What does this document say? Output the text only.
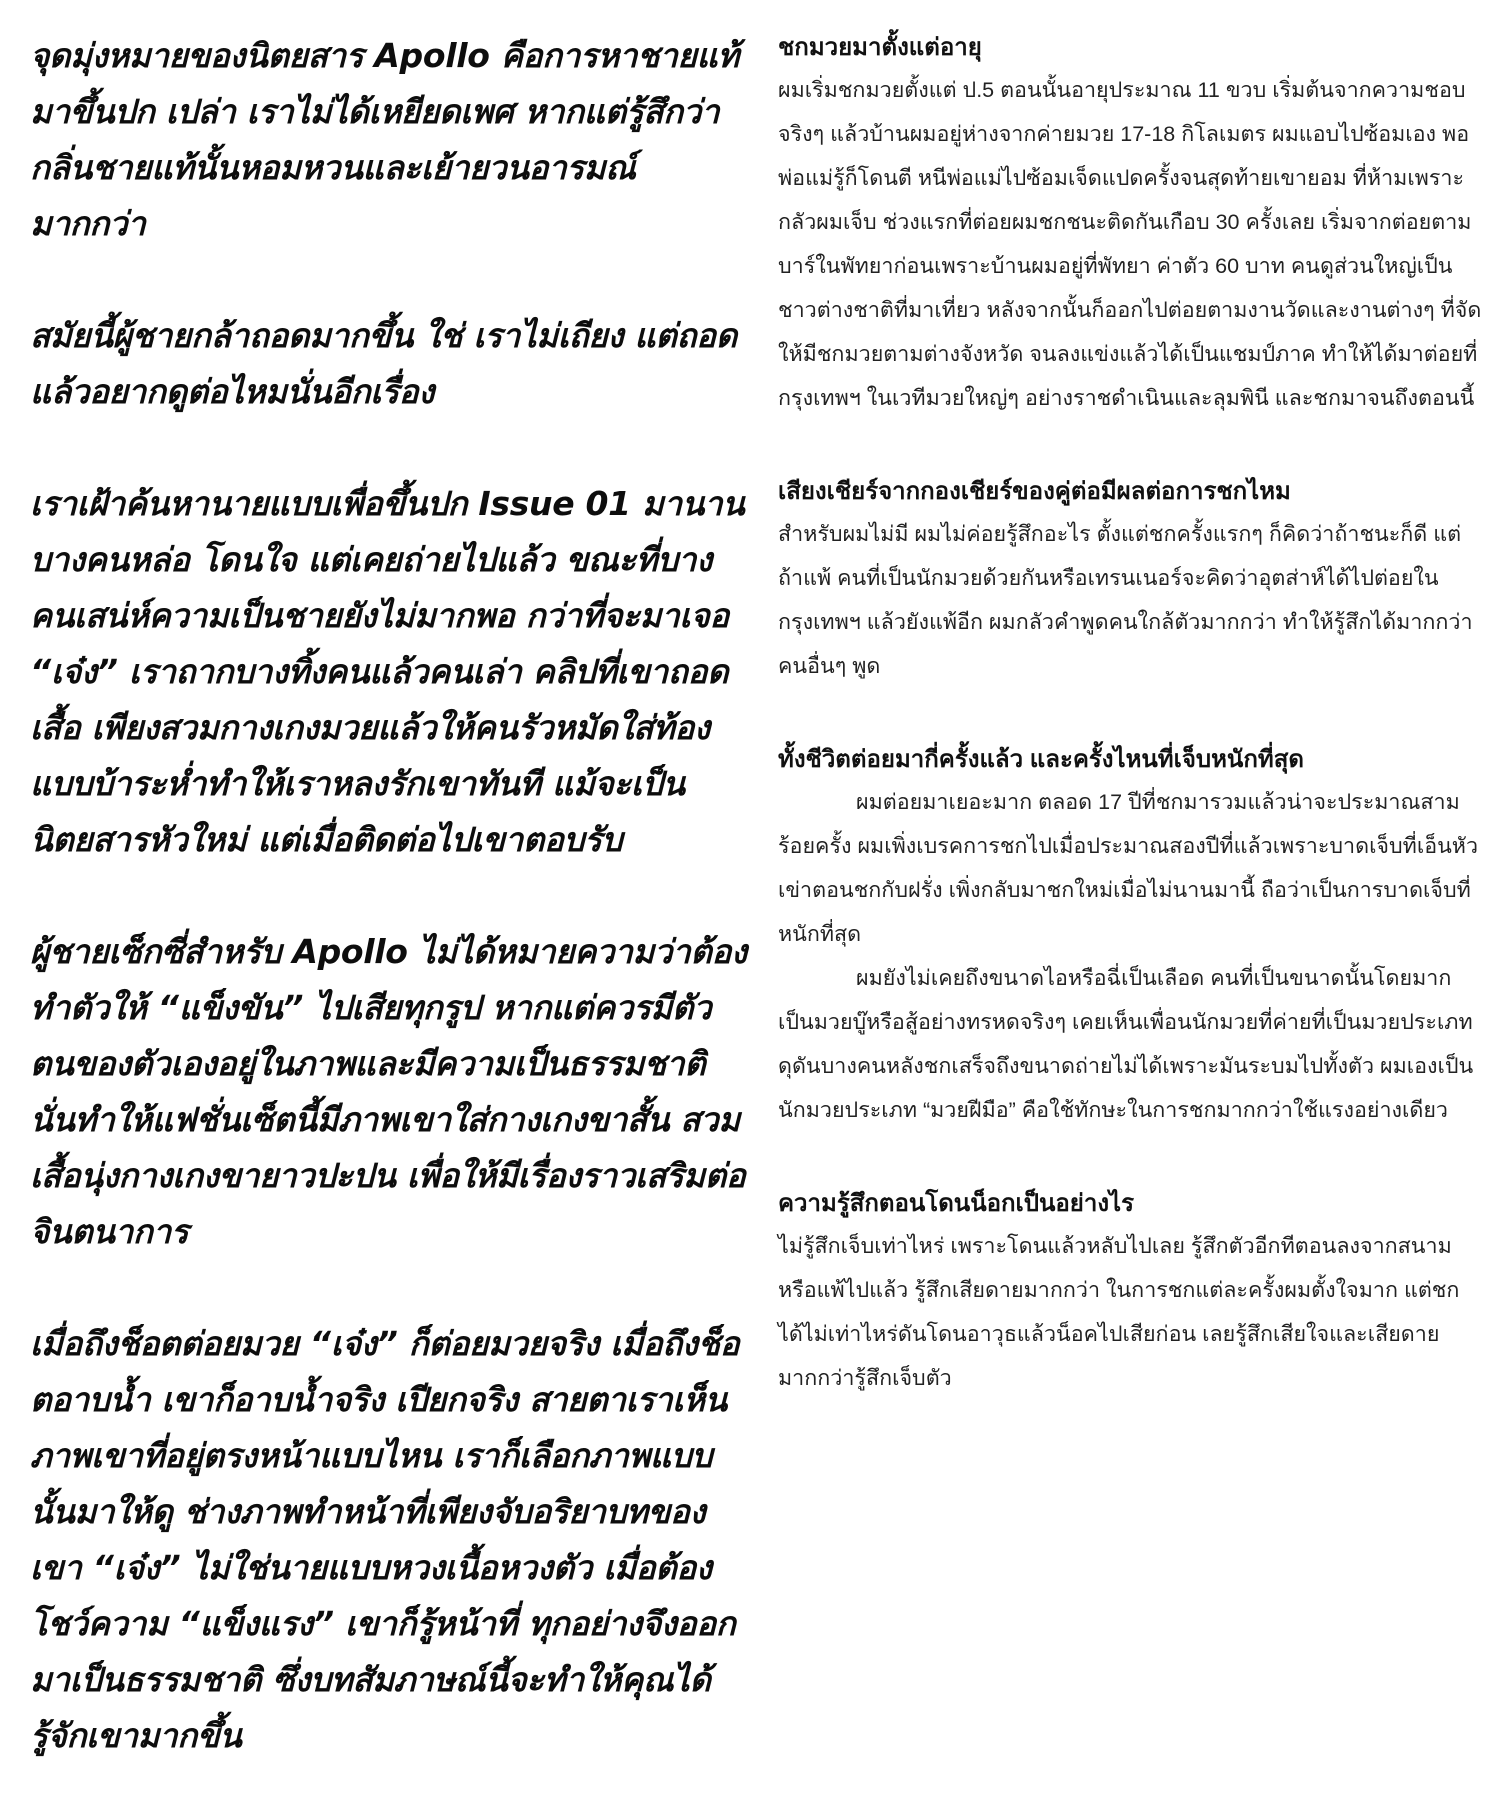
จุดมุ่งหมายของนิตยสาร Apollo คือการหาชายแท้มาขึ้นปก เปล่า เราไม่ได้เหยียดเพศ หากแต่รู้สึกว่ากลิ่นชายแท้นั้นหอมหวนและเย้ายวนอารมณ์มากกว่า

สมัยนี้ผู้ชายกล้าถอดมากขึ้น ใช่ เราไม่เถียง แต่ถอดแล้วอยากดูต่อไหมนั่นอีกเรื่อง

เราเฝ้าค้นหานายแบบเพื่อขึ้นปก Issue 01 มานาน บางคนหล่อ โดนใจ แต่เคยถ่ายไปแล้ว ขณะที่บางคนเสน่ห์ความเป็นชายยังไม่มากพอ กว่าที่จะมาเจอ “เจ๋ง” เราถากบางทิ้งคนแล้วคนเล่า คลิปที่เขาถอดเสื้อ เพียงสวมกางเกงมวยแล้วให้คนรัวหมัดใส่ท้องแบบบ้าระห่ำทำให้เราหลงรักเขาทันที แม้จะเป็นนิตยสารหัวใหม่ แต่เมื่อติดต่อไปเขาตอบรับ

ผู้ชายเซ็กซี่สำหรับ Apollo ไม่ได้หมายความว่าต้องทำตัวให้ “แข็งขัน” ไปเสียทุกรูป หากแต่ควรมีตัวตนของตัวเองอยู่ในภาพและมีความเป็นธรรมชาติ นั่นทำให้แฟชั่นเซ็ตนี้มีภาพเขาใส่กางเกงขาสั้น สวมเสื้อนุ่งกางเกงขายาวปะปน เพื่อให้มีเรื่องราวเสริมต่อจินตนาการ

เมื่อถึงช็อตต่อยมวย “เจ๋ง” ก็ต่อยมวยจริง เมื่อถึงช็อตอาบน้ำ เขาก็อาบน้ำจริง เปียกจริง สายตาเราเห็นภาพเขาที่อยู่ตรงหน้าแบบไหน เราก็เลือกภาพแบบนั้นมาให้ดู ช่างภาพทำหน้าที่เพียงจับอริยาบทของเขา “เจ๋ง” ไม่ใช่นายแบบหวงเนื้อหวงตัว เมื่อต้องโชว์ความ “แข็งแรง” เขาก็รู้หน้าที่ ทุกอย่างจึงออกมาเป็นธรรมชาติ ซึ่งบทสัมภาษณ์นี้จะทำให้คุณได้รู้จักเขามากขึ้น

ชกมวยมาตั้งแต่อายุ

ผมเริ่มชกมวยตั้งแต่ ป.5 ตอนนั้นอายุประมาณ 11 ขวบ เริ่มต้นจากความชอบ จริงๆ แล้วบ้านผมอยู่ห่างจากค่ายมวย 17-18 กิโลเมตร ผมแอบไปซ้อมเอง พอพ่อแม่รู้ก็โดนตี หนีพ่อแม่ไปซ้อมเจ็ดแปดครั้งจนสุดท้ายเขายอม ที่ห้ามเพราะกลัวผมเจ็บ ช่วงแรกที่ต่อยผมชกชนะติดกันเกือบ 30 ครั้งเลย เริ่มจากต่อยตามบาร์ในพัทยาก่อนเพราะบ้านผมอยู่ที่พัทยา ค่าตัว 60 บาท คนดูส่วนใหญ่เป็นชาวต่างชาติที่มาเที่ยว หลังจากนั้นก็ออกไปต่อยตามงานวัดและงานต่างๆ ที่จัดให้มีชกมวยตามต่างจังหวัด จนลงแข่งแล้วได้เป็นแชมป์ภาค ทำให้ได้มาต่อยที่กรุงเทพฯ ในเวทีมวยใหญ่ๆ อย่างราชดำเนินและลุมพินี และชกมาจนถึงตอนนี้

เสียงเชียร์จากกองเชียร์ของคู่ต่อมีผลต่อการชกไหม

สำหรับผมไม่มี ผมไม่ค่อยรู้สึกอะไร ตั้งแต่ชกครั้งแรกๆ ก็คิดว่าถ้าชนะก็ดี แต่ถ้าแพ้ คนที่เป็นนักมวยด้วยกันหรือเทรนเนอร์จะคิดว่าอุตส่าห์ได้ไปต่อยในกรุงเทพฯ แล้วยังแพ้อีก ผมกลัวคำพูดคนใกล้ตัวมากกว่า ทำให้รู้สึกได้มากกว่าคนอื่นๆ พูด

ทั้งชีวิตต่อยมากี่ครั้งแล้ว และครั้งไหนที่เจ็บหนักที่สุด

ผมต่อยมาเยอะมาก ตลอด 17 ปีที่ชกมารวมแล้วน่าจะประมาณสามร้อยครั้ง ผมเพิ่งเบรคการชกไปเมื่อประมาณสองปีที่แล้วเพราะบาดเจ็บที่เอ็นหัวเข่าตอนชกกับฝรั่ง เพิ่งกลับมาชกใหม่เมื่อไม่นานมานี้ ถือว่าเป็นการบาดเจ็บที่หนักที่สุด

ผมยังไม่เคยถึงขนาดไอหรือฉี่เป็นเลือด คนที่เป็นขนาดนั้นโดยมากเป็นมวยบู๊หรือสู้อย่างทรหดจริงๆ เคยเห็นเพื่อนนักมวยที่ค่ายที่เป็นมวยประเภทดุดันบางคนหลังชกเสร็จถึงขนาดถ่ายไม่ได้เพราะมันระบมไปทั้งตัว ผมเองเป็นนักมวยประเภท “มวยฝีมือ” คือใช้ทักษะในการชกมากกว่าใช้แรงอย่างเดียว

ความรู้สึกตอนโดนน็อกเป็นอย่างไร

ไม่รู้สึกเจ็บเท่าไหร่ เพราะโดนแล้วหลับไปเลย รู้สึกตัวอีกทีตอนลงจากสนามหรือแพ้ไปแล้ว รู้สึกเสียดายมากกว่า ในการชกแต่ละครั้งผมตั้งใจมาก แต่ชกได้ไม่เท่าไหร่ดันโดนอาวุธแล้วน็อคไปเสียก่อน เลยรู้สึกเสียใจและเสียดายมากกว่ารู้สึกเจ็บตัว
